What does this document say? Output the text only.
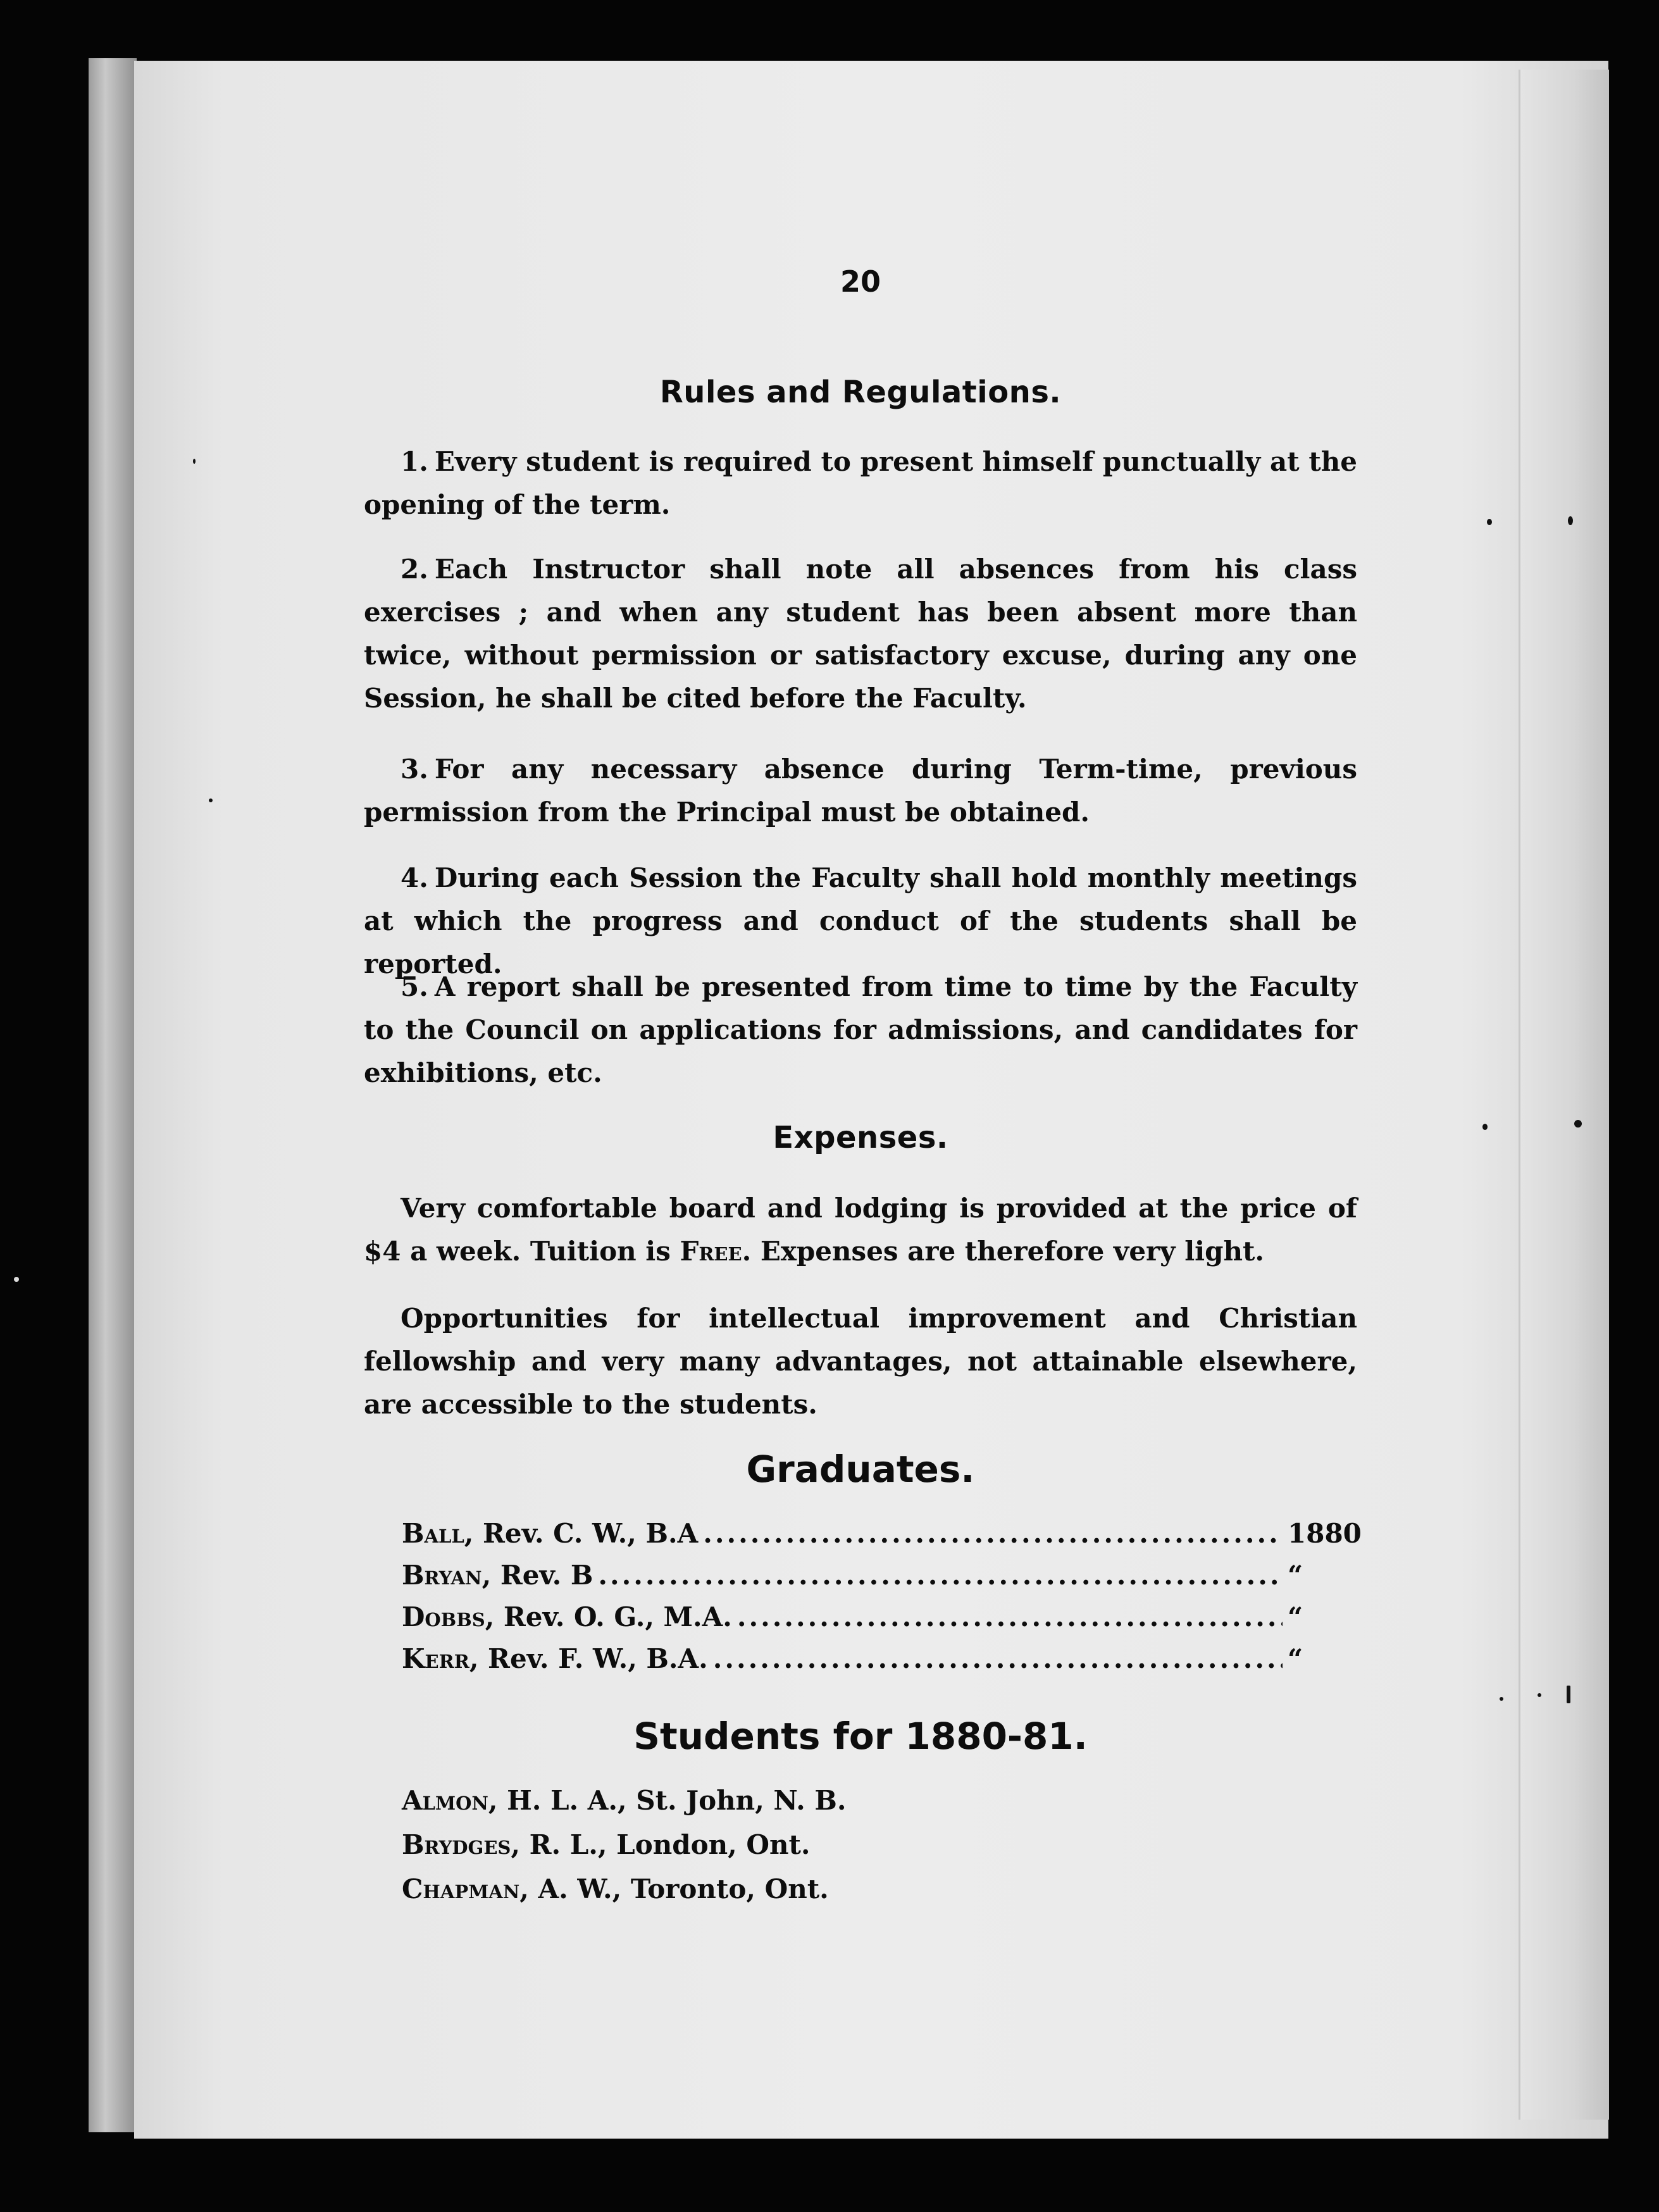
20
Rules and Regulations.
1. Every student is required to present himself punctually at the opening of the term.
2. Each Instructor shall note all absences from his class exercises ; and when any student has been absent more than twice, without permission or satisfactory excuse, during any one Session, he shall be cited before the Faculty.
3. For any necessary absence during Term-time, previous permission from the Principal must be obtained.
4. During each Session the Faculty shall hold monthly meetings at which the progress and conduct of the students shall be reported.
5. A report shall be presented from time to time by the Faculty to the Council on applications for admissions, and candidates for exhibitions, etc.
Expenses.
Very comfortable board and lodging is provided at the price of $4 a week. Tuition is Free. Expenses are therefore very light.
Opportunities for intellectual improvement and Christian fellowship and very many advantages, not attainable elsewhere, are accessible to the students.
Graduates.
Ball, Rev. C. W., B.A .....	1880
Bryan, Rev. B .....	“
Dobbs, Rev. O. G., M.A. .....	“
Kerr, Rev. F. W., B.A. .....	“
Students for 1880-81.
Almon, H. L. A., St. John, N. B.
Brydges, R. L., London, Ont.
Chapman, A. W., Toronto, Ont.
